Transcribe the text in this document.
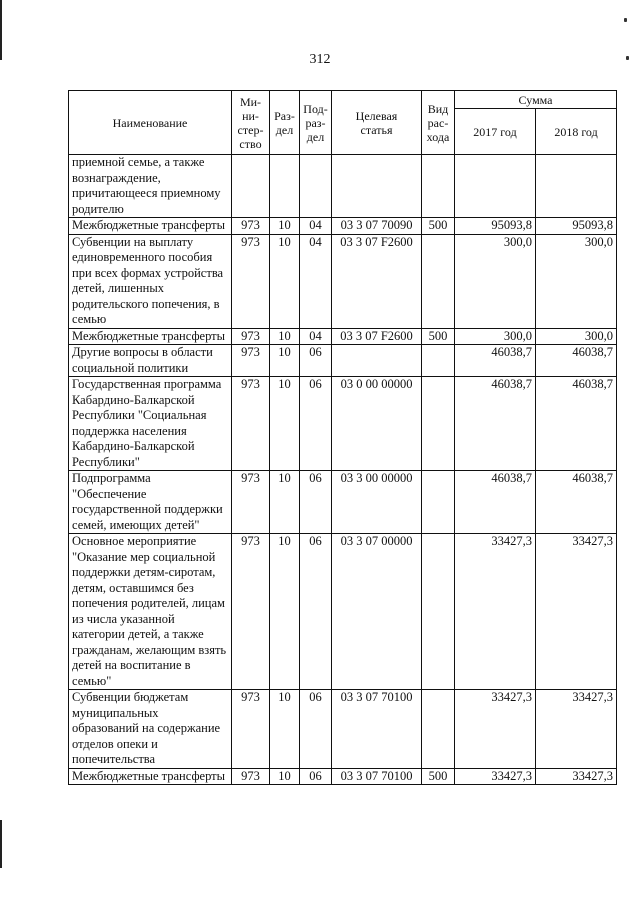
312
Наименование	Ми-
ни-
стер-
ство	Раз-
дел	Под-
раз-
дел	Целевая
статья	Вид
рас-
хода	Сумма	
						2017 год	2018 год
приемной семье, а также вознаграждение, причитающееся приемному родителю							
Межбюджетные трансферты	973	10	04	03 3 07 70090	500	95093,8	95093,8
Субвенции на выплату единовременного пособия при всех формах устройства детей, лишенных родительского попечения, в семью	973	10	04	03 3 07 F2600		300,0	300,0
Межбюджетные трансферты	973	10	04	03 3 07 F2600	500	300,0	300,0
Другие вопросы в области социальной политики	973	10	06			46038,7	46038,7
Государственная программа Кабардино-Балкарской Республики "Социальная поддержка населения Кабардино-Балкарской Республики"	973	10	06	03 0 00 00000		46038,7	46038,7
Подпрограмма "Обеспечение государственной поддержки семей, имеющих детей"	973	10	06	03 3 00 00000		46038,7	46038,7
Основное мероприятие "Оказание мер социальной поддержки детям-сиротам, детям, оставшимся без попечения родителей, лицам из числа указанной категории детей, а также гражданам, желающим взять детей на воспитание в семью"	973	10	06	03 3 07 00000		33427,3	33427,3
Субвенции бюджетам муниципальных образований на содержание отделов опеки и попечительства	973	10	06	03 3 07 70100		33427,3	33427,3
Межбюджетные трансферты	973	10	06	03 3 07 70100	500	33427,3	33427,3
